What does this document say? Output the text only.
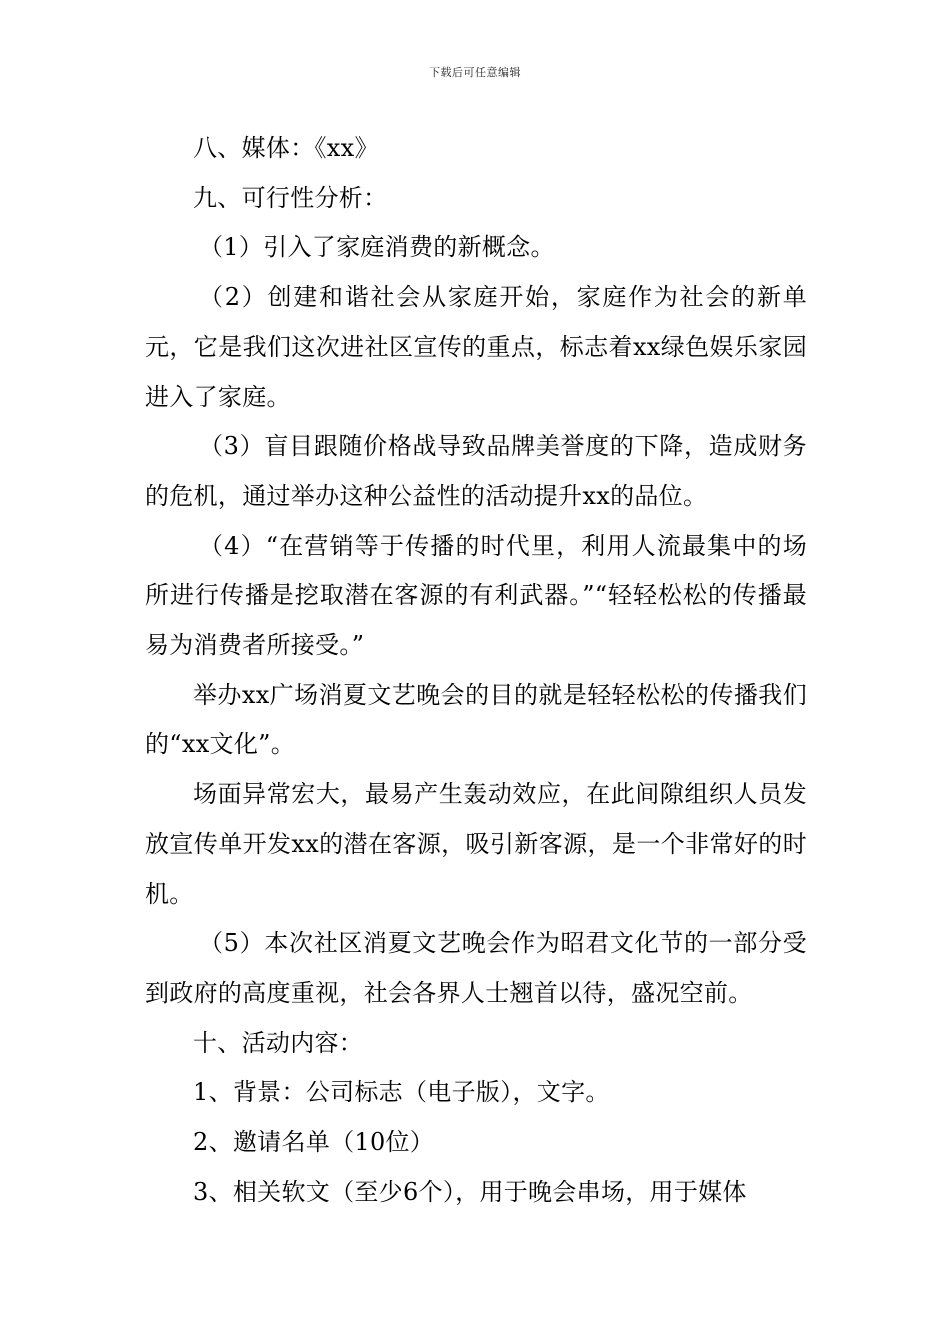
下载后可任意编辑

八、媒体：《xx》

九、可行性分析：

（1）引入了家庭消费的新概念。

（2）创建和谐社会从家庭开始，家庭作为社会的新单元，它是我们这次进社区宣传的重点，标志着xx绿色娱乐家园进入了家庭。

（3）盲目跟随价格战导致品牌美誉度的下降，造成财务的危机，通过举办这种公益性的活动提升xx的品位。

（4）“在营销等于传播的时代里，利用人流最集中的场所进行传播是挖取潜在客源的有利武器。”“轻轻松松的传播最易为消费者所接受。”

举办xx广场消夏文艺晚会的目的就是轻轻松松的传播我们的“xx文化”。

场面异常宏大，最易产生轰动效应，在此间隙组织人员发放宣传单开发xx的潜在客源，吸引新客源，是一个非常好的时机。

（5）本次社区消夏文艺晚会作为昭君文化节的一部分受到政府的高度重视，社会各界人士翘首以待，盛况空前。

十、活动内容：

1、背景：公司标志（电子版），文字。

2、邀请名单（10位）

3、相关软文（至少6个），用于晚会串场，用于媒体
